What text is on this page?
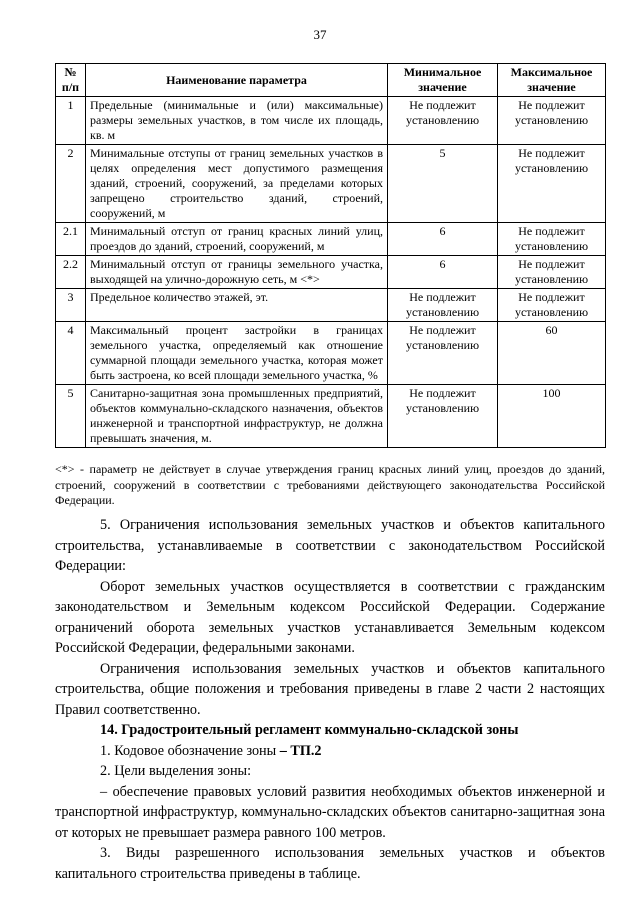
37
№ п/п	Наименование параметра	Минимальное значение	Максимальное значение
1	Предельные (минимальные и (или) максимальные) размеры земельных участков, в том числе их площадь, кв. м	Не подлежит установлению	Не подлежит установлению
2	Минимальные отступы от границ земельных участков в целях определения мест допустимого размещения зданий, строений, сооружений, за пределами которых запрещено строительство зданий, строений, сооружений, м	5	Не подлежит установлению
2.1	Минимальный отступ от границ красных линий улиц, проездов до зданий, строений, сооружений, м	6	Не подлежит установлению
2.2	Минимальный отступ от границы земельного участка, выходящей на улично-дорожную сеть, м <*>	6	Не подлежит установлению
3	Предельное количество этажей, эт.	Не подлежит установлению	Не подлежит установлению
4	Максимальный процент застройки в границах земельного участка, определяемый как отношение суммарной площади земельного участка, которая может быть застроена, ко всей площади земельного участка, %	Не подлежит установлению	60
5	Санитарно-защитная зона промышленных предприятий, объектов коммунально-складского назначения, объектов инженерной и транспортной инфраструктур, не должна превышать значения, м.	Не подлежит установлению	100
<*> - параметр не действует в случае утверждения границ красных линий улиц, проездов до зданий, строений, сооружений в соответствии с требованиями действующего законодательства Российской Федерации.

5. Ограничения использования земельных участков и объектов капитального строительства, устанавливаемые в соответствии с законодательством Российской Федерации:

Оборот земельных участков осуществляется в соответствии с гражданским законодательством и Земельным кодексом Российской Федерации. Содержание ограничений оборота земельных участков устанавливается Земельным кодексом Российской Федерации, федеральными законами.

Ограничения использования земельных участков и объектов капитального строительства, общие положения и требования приведены в главе 2 части 2 настоящих Правил соответственно.

14. Градостроительный регламент коммунально-складской зоны

1. Кодовое обозначение зоны – ТП.2

2. Цели выделения зоны:

– обеспечение правовых условий развития необходимых объектов инженерной и транспортной инфраструктур, коммунально-складских объектов санитарно-защитная зона от которых не превышает размера равного 100 метров.

3. Виды разрешенного использования земельных участков и объектов капитального строительства приведены в таблице.
